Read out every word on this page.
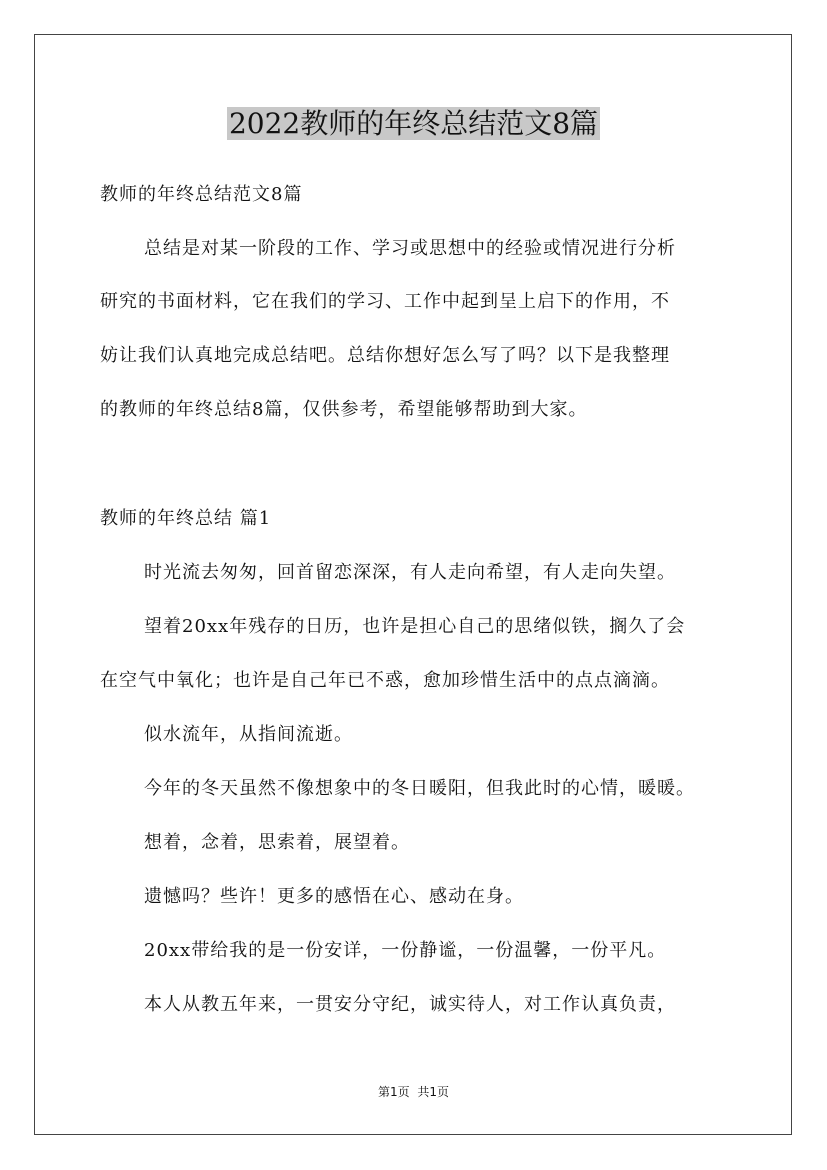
2022教师的年终总结范文8篇

教师的年终总结范文8篇

总结是对某一阶段的工作、学习或思想中的经验或情况进行分析

研究的书面材料，它在我们的学习、工作中起到呈上启下的作用，不

妨让我们认真地完成总结吧。总结你想好怎么写了吗？以下是我整理

的教师的年终总结8篇，仅供参考，希望能够帮助到大家。

教师的年终总结 篇1

时光流去匆匆，回首留恋深深，有人走向希望，有人走向失望。

望着20xx年残存的日历，也许是担心自己的思绪似铁，搁久了会

在空气中氧化；也许是自己年已不惑，愈加珍惜生活中的点点滴滴。

似水流年，从指间流逝。

今年的冬天虽然不像想象中的冬日暖阳，但我此时的心情，暖暖。

想着，念着，思索着，展望着。

遗憾吗？些许！更多的感悟在心、感动在身。

20xx带给我的是一份安详，一份静谧，一份温馨，一份平凡。

本人从教五年来，一贯安分守纪，诚实待人，对工作认真负责，

第1页 共1页
